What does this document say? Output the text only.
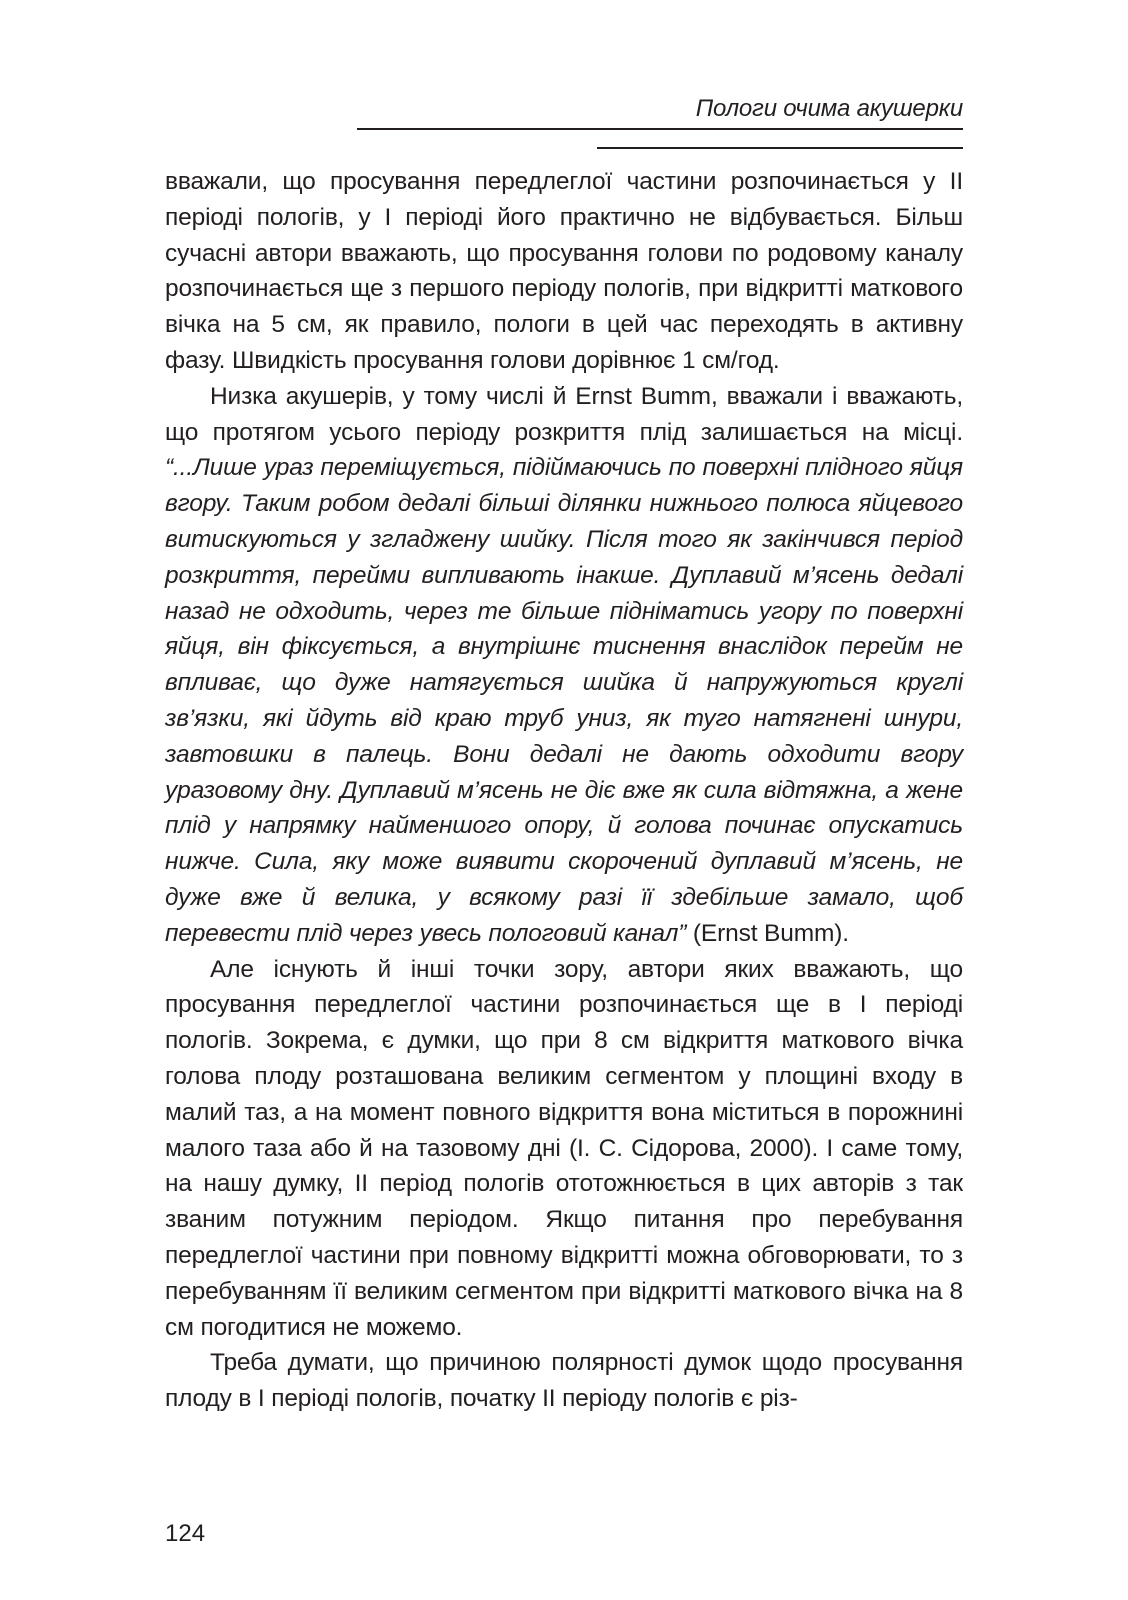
Пологи очима акушерки

вважали, що просування передлеглої частини розпочинається у II періоді пологів, у I періоді його практично не відбувається. Більш сучасні автори вважають, що просування голови по родовому каналу розпочинається ще з першого періоду пологів, при відкритті маткового вічка на 5 см, як правило, пологи в цей час переходять в активну фазу. Швидкість просування голови дорівнює 1 см/год.

Низка акушерів, у тому числі й Ernst Bumm, вважали і вважають, що протягом усього періоду розкриття плід залишається на місці. “...Лише ураз переміщується, підіймаючись по поверхні плідного яйця вгору. Таким робом дедалі більші ділянки нижнього полюса яйцевого витискуються у згладжену шийку. Після того як закінчився період розкриття, перейми випливають інакше. Дуплавий м’ясень дедалі назад не одходить, через те більше підніматись угору по поверхні яйця, він фіксується, а внутрішнє тиснення внаслідок перейм не впливає, що дуже натягується шийка й напружуються круглі зв’язки, які йдуть від краю труб униз, як туго натягнені шнури, завтовшки в палець. Вони дедалі не дають одходити вгору уразовому дну. Дуплавий м’ясень не діє вже як сила відтяжна, а жене плід у напрямку найменшого опору, й голова починає опускатись нижче. Сила, яку може виявити скорочений дуплавий м’ясень, не дуже вже й велика, у всякому разі її здебільше замало, щоб перевести плід через увесь пологовий канал” (Ernst Bumm).

Але існують й інші точки зору, автори яких вважають, що просування передлеглої частини розпочинається ще в I періоді пологів. Зокрема, є думки, що при 8 см відкриття маткового вічка голова плоду розташована великим сегментом у площині входу в малий таз, а на момент повного відкриття вона міститься в порожнині малого таза або й на тазовому дні (І. С. Сідорова, 2000). І саме тому, на нашу думку, II період пологів ототожнюється в цих авторів з так званим потужним періодом. Якщо питання про перебування передлеглої частини при повному відкритті можна обговорювати, то з перебуванням її великим сегментом при відкритті маткового вічка на 8 см погодитися не можемо.

Треба думати, що причиною полярності думок щодо просування плоду в I періоді пологів, початку II періоду пологів є різ-

124
